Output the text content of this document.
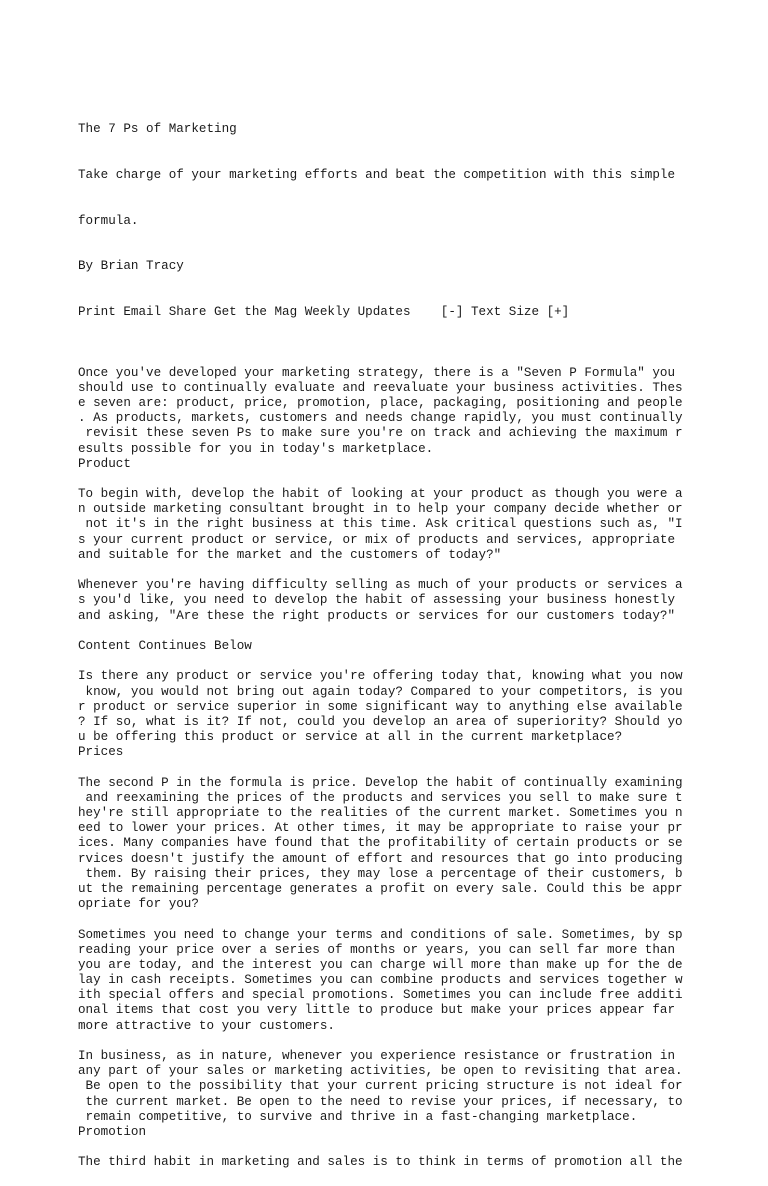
The 7 Ps of Marketing

Take charge of your marketing efforts and beat the competition with this simple

formula.

By Brian Tracy

Print Email Share Get the Mag Weekly Updates    [-] Text Size [+]

Once you've developed your marketing strategy, there is a "Seven P Formula" you
should use to continually evaluate and reevaluate your business activities. Thes
e seven are: product, price, promotion, place, packaging, positioning and people
. As products, markets, customers and needs change rapidly, you must continually
revisit these seven Ps to make sure you're on track and achieving the maximum r
esults possible for you in today's marketplace.
Product
To begin with, develop the habit of looking at your product as though you were a
n outside marketing consultant brought in to help your company decide whether or
not it's in the right business at this time. Ask critical questions such as, "I
s your current product or service, or mix of products and services, appropriate
and suitable for the market and the customers of today?"
Whenever you're having difficulty selling as much of your products or services a
s you'd like, you need to develop the habit of assessing your business honestly
and asking, "Are these the right products or services for our customers today?"
Content Continues Below
Is there any product or service you're offering today that, knowing what you now
know, you would not bring out again today? Compared to your competitors, is you
r product or service superior in some significant way to anything else available
? If so, what is it? If not, could you develop an area of superiority? Should yo
u be offering this product or service at all in the current marketplace?
Prices
The second P in the formula is price. Develop the habit of continually examining
and reexamining the prices of the products and services you sell to make sure t
hey're still appropriate to the realities of the current market. Sometimes you n
eed to lower your prices. At other times, it may be appropriate to raise your pr
ices. Many companies have found that the profitability of certain products or se
rvices doesn't justify the amount of effort and resources that go into producing
them. By raising their prices, they may lose a percentage of their customers, b
ut the remaining percentage generates a profit on every sale. Could this be appr
opriate for you?
Sometimes you need to change your terms and conditions of sale. Sometimes, by sp
reading your price over a series of months or years, you can sell far more than
you are today, and the interest you can charge will more than make up for the de
lay in cash receipts. Sometimes you can combine products and services together w
ith special offers and special promotions. Sometimes you can include free additi
onal items that cost you very little to produce but make your prices appear far
more attractive to your customers.
In business, as in nature, whenever you experience resistance or frustration in
any part of your sales or marketing activities, be open to revisiting that area.
Be open to the possibility that your current pricing structure is not ideal for
the current market. Be open to the need to revise your prices, if necessary, to
remain competitive, to survive and thrive in a fast-changing marketplace.
Promotion
The third habit in marketing and sales is to think in terms of promotion all the
